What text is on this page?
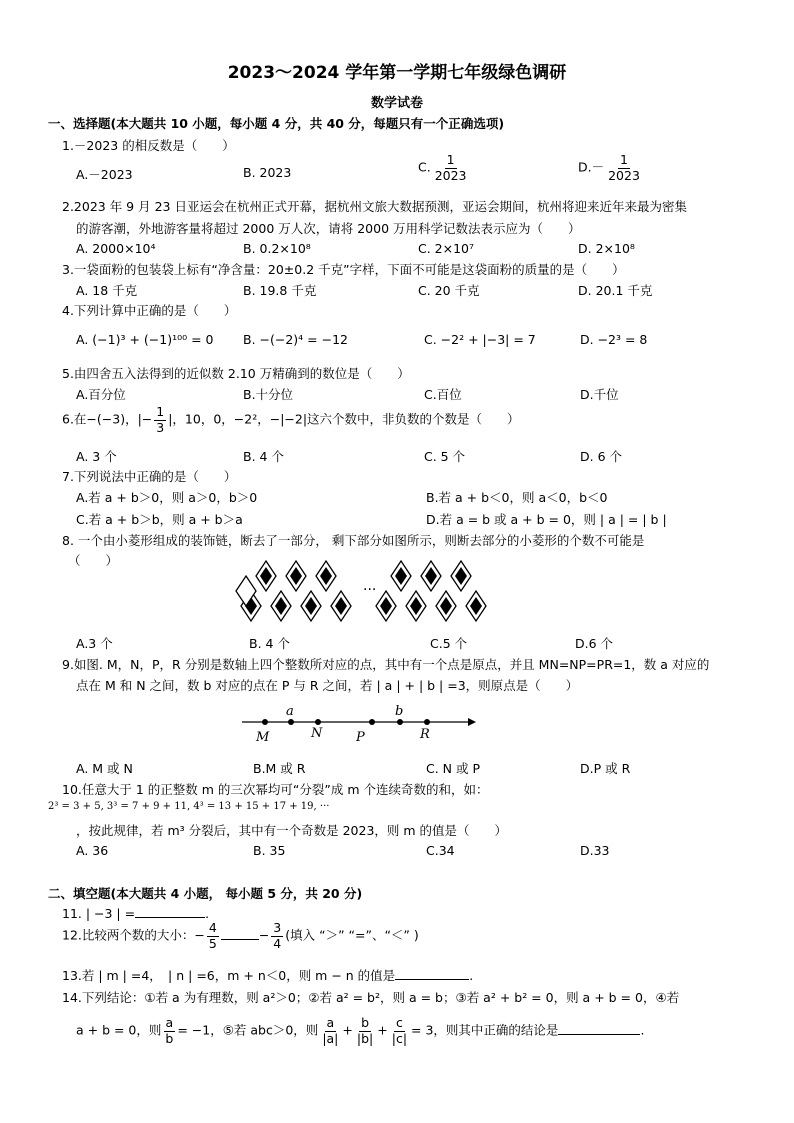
2023～2024 学年第一学期七年级绿色调研
数学试卷
一、选择题(本大题共 10 小题，每小题 4 分，共 40 分，每题只有一个正确选项)
1.－2023 的相反数是（　　）
A.－2023	B. 2023	C. $\frac{1}{2023}$	$D.- \frac{1}{2023}$
2.2023 年 9 月 23 日亚运会在杭州正式开幕，据杭州文旅大数据预测，亚运会期间，杭州将迎来近年来最为密集
的游客潮，外地游客量将超过 2000 万人次，请将 2000 万用科学记数法表示应为（　　）
A. 2000×10⁴	B. 0.2×10⁸	C. 2×10⁷	D. 2×10⁸
3.一袋面粉的包装袋上标有“净含量：20±0.2 千克”字样，下面不可能是这袋面粉的质量的是（　　）
A. 18 千克	B. 19.8 千克	C. 20 千克	D. 20.1 千克
4.下列计算中正确的是（　　）
A. (−1)³ + (−1)¹⁰⁰ = 0 B. −(−2)⁴ = −12	C. −2² + |−3| = 7	D. −2³ = 8
5.由四舍五入法得到的近似数 2.10 万精确到的数位是（　　）
A.百分位	B.十分位	C.百位	D.千位
6.在−(−3)，|− $\frac{1}{3}$ |，10，0，−2²，−|−2|这六个数中，非负数的个数是（　　）
A. 3 个	B. 4 个	C. 5 个	D. 6 个
7.下列说法中正确的是（　　）
A.若 a + b＞0，则 a＞0，b＞0	B.若 a + b＜0，则 a＜0，b＜0
C.若 a + b＞b，则 a + b＞a	D.若 a = b 或 a + b = 0，则 | a | = | b |
8. 一个由小菱形组成的装饰链，断去了一部分， 剩下部分如图所示，则断去部分的小菱形的个数不可能是
（　　）
···
A.3 个	B. 4 个	C.5 个	D.6 个
9.如图. M，N，P，R 分别是数轴上四个整数所对应的点，其中有一个点是原点，并且 MN=NP=PR=1，数 a 对应的
点在 M 和 N 之间，数 b 对应的点在 P 与 R 之间，若 | a | + | b | =3，则原点是（　　）
a	b
M	N	P	R
A. M 或 N	B.M 或 R	C. N 或 P	D.P 或 R
10.任意大于 1 的正整数 m 的三次幂均可“分裂”成 m 个连续奇数的和，如：
2³ = 3 + 5, 3³ = 7 + 9 + 11, 4³ = 13 + 15 + 17 + 19, ···
，按此规律，若 m³ 分裂后，其中有一个奇数是 2023，则 m 的值是（　　）
A. 36	B. 35	C.34	D.33
二、填空题(本大题共 4 小题， 每小题 5 分，共 20 分)
11. | −3 | =	.
12.比较两个数的大小：− $\frac{4}{5}$	− $\frac{3}{4}$ (填入 “＞” “=”、“＜” )
13.若 | m | =4，　| n | =6，m + n＜0，则 m − n 的值是	.
14.下列结论：①若 a 为有理数，则 a²＞0；②若 a² = b²，则 a = b；③若 a² + b² = 0，则 a + b = 0，④若
a + b = 0，则 $\frac{a}{b} = -1$，⑤若 abc＞0，则 $\frac{a}{|a|} + \frac{b}{|b|} + \frac{c}{|c|} = 3$，则其中正确的结论是	.
